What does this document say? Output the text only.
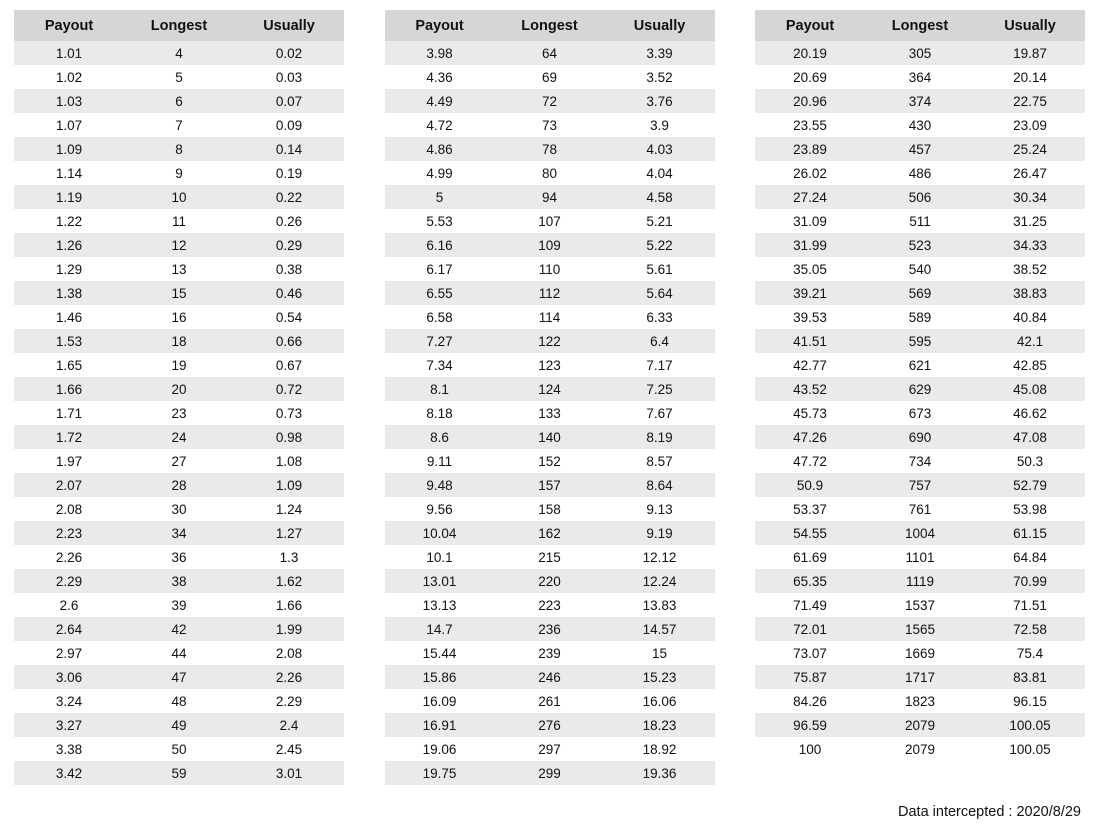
Payout	Longest	Usually
1.01	4	0.02
1.02	5	0.03
1.03	6	0.07
1.07	7	0.09
1.09	8	0.14
1.14	9	0.19
1.19	10	0.22
1.22	11	0.26
1.26	12	0.29
1.29	13	0.38
1.38	15	0.46
1.46	16	0.54
1.53	18	0.66
1.65	19	0.67
1.66	20	0.72
1.71	23	0.73
1.72	24	0.98
1.97	27	1.08
2.07	28	1.09
2.08	30	1.24
2.23	34	1.27
2.26	36	1.3
2.29	38	1.62
2.6	39	1.66
2.64	42	1.99
2.97	44	2.08
3.06	47	2.26
3.24	48	2.29
3.27	49	2.4
3.38	50	2.45
3.42	59	3.01
Payout	Longest	Usually
3.98	64	3.39
4.36	69	3.52
4.49	72	3.76
4.72	73	3.9
4.86	78	4.03
4.99	80	4.04
5	94	4.58
5.53	107	5.21
6.16	109	5.22
6.17	110	5.61
6.55	112	5.64
6.58	114	6.33
7.27	122	6.4
7.34	123	7.17
8.1	124	7.25
8.18	133	7.67
8.6	140	8.19
9.11	152	8.57
9.48	157	8.64
9.56	158	9.13
10.04	162	9.19
10.1	215	12.12
13.01	220	12.24
13.13	223	13.83
14.7	236	14.57
15.44	239	15
15.86	246	15.23
16.09	261	16.06
16.91	276	18.23
19.06	297	18.92
19.75	299	19.36
Payout	Longest	Usually
20.19	305	19.87
20.69	364	20.14
20.96	374	22.75
23.55	430	23.09
23.89	457	25.24
26.02	486	26.47
27.24	506	30.34
31.09	511	31.25
31.99	523	34.33
35.05	540	38.52
39.21	569	38.83
39.53	589	40.84
41.51	595	42.1
42.77	621	42.85
43.52	629	45.08
45.73	673	46.62
47.26	690	47.08
47.72	734	50.3
50.9	757	52.79
53.37	761	53.98
54.55	1004	61.15
61.69	1101	64.84
65.35	1119	70.99
71.49	1537	71.51
72.01	1565	72.58
73.07	1669	75.4
75.87	1717	83.81
84.26	1823	96.15
96.59	2079	100.05
100	2079	100.05
Data intercepted : 2020/8/29
